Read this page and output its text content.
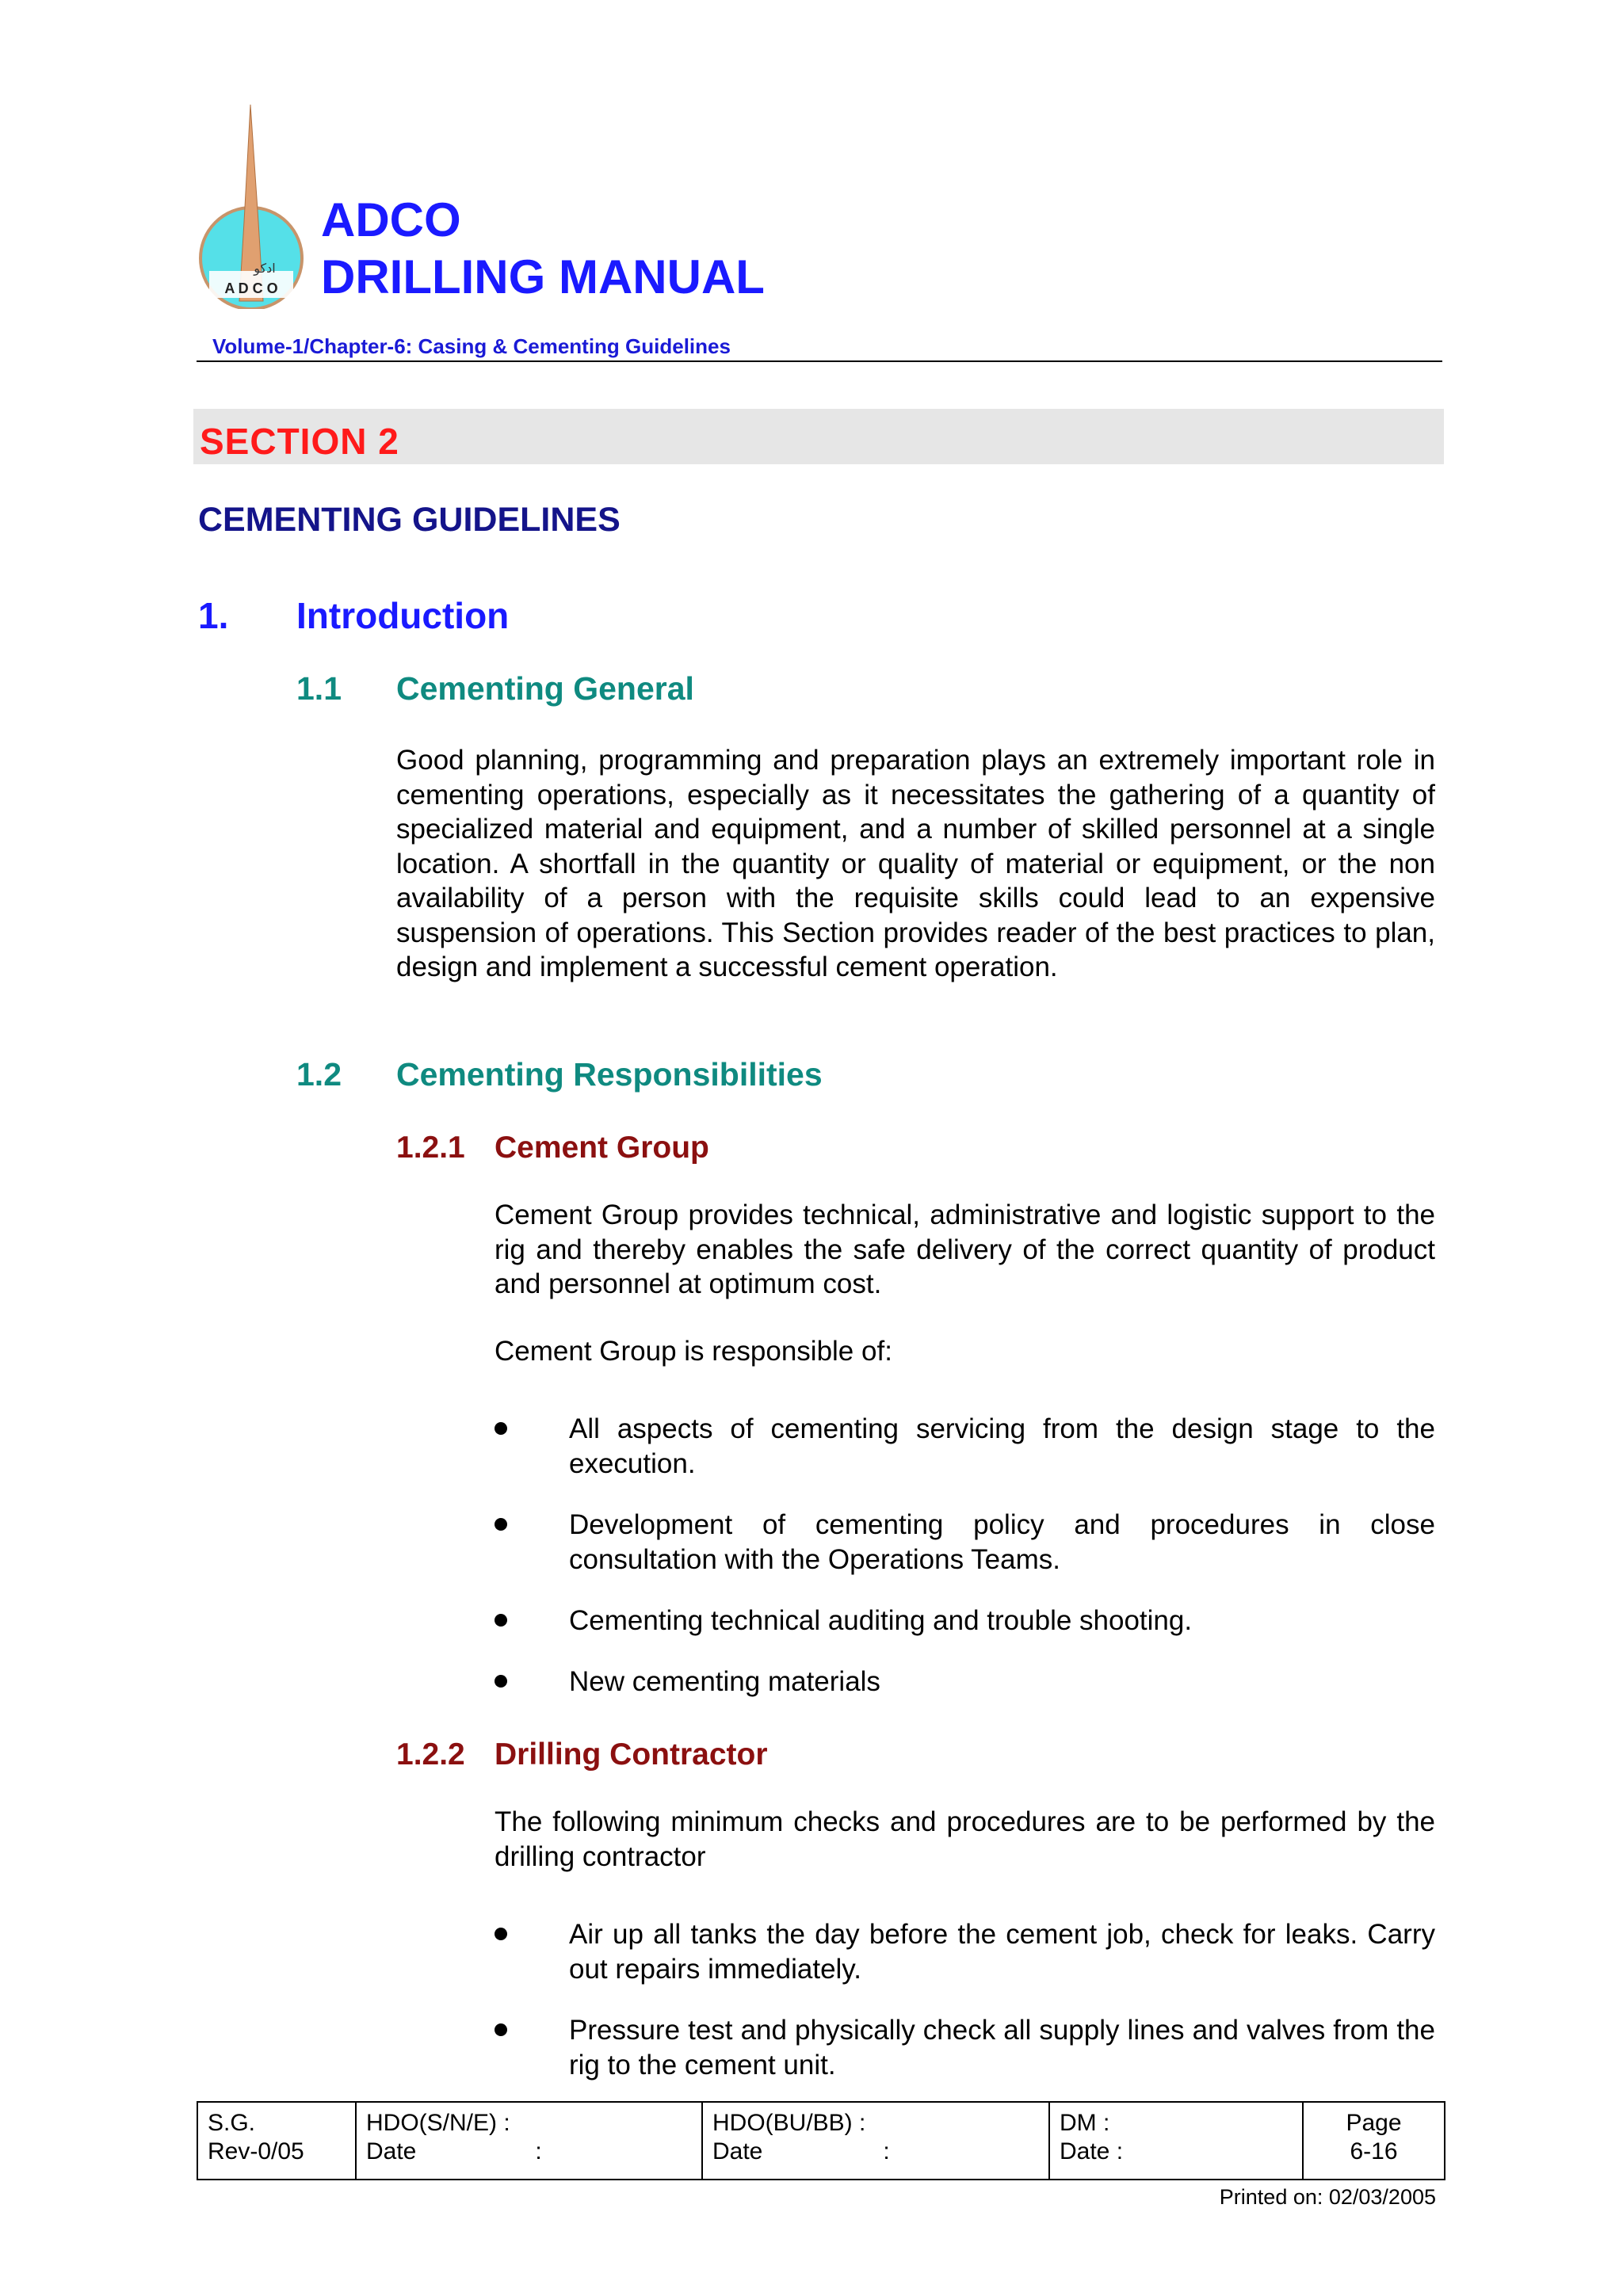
ادكو
A D C O
ADCO
DRILLING MANUAL
Volume-1/Chapter-6: Casing & Cementing Guidelines
SECTION 2
CEMENTING GUIDELINES
1. Introduction
1.1 Cementing General
Good planning, programming and preparation plays an extremely important role in cementing operations, especially as it necessitates the gathering of a quantity of specialized material and equipment, and a number of skilled personnel at a single location. A shortfall in the quantity or quality of material or equipment, or the non availability of a person with the requisite skills could lead to an expensive suspension of operations. This Section provides reader of the best practices to plan, design and implement a successful cement operation.
1.2 Cementing Responsibilities
1.2.1 Cement Group
Cement Group provides technical, administrative and logistic support to the rig and thereby enables the safe delivery of the correct quantity of product and personnel at optimum cost.
Cement Group is responsible of:
All aspects of cementing servicing from the design stage to the execution.
Development of cementing policy and procedures in close consultation with the Operations Teams.
Cementing technical auditing and trouble shooting.
New cementing materials
1.2.2 Drilling Contractor
The following minimum checks and procedures are to be performed by the drilling contractor
Air up all tanks the day before the cement job, check for leaks. Carry out repairs immediately.
Pressure test and physically check all supply lines and valves from the rig to the cement unit.
S.G.
Rev-0/05

HDO(S/N/E) :
Date	:

HDO(BU/BB) :
Date	:

DM :
Date :

Page
6-16
Printed on: 02/03/2005
